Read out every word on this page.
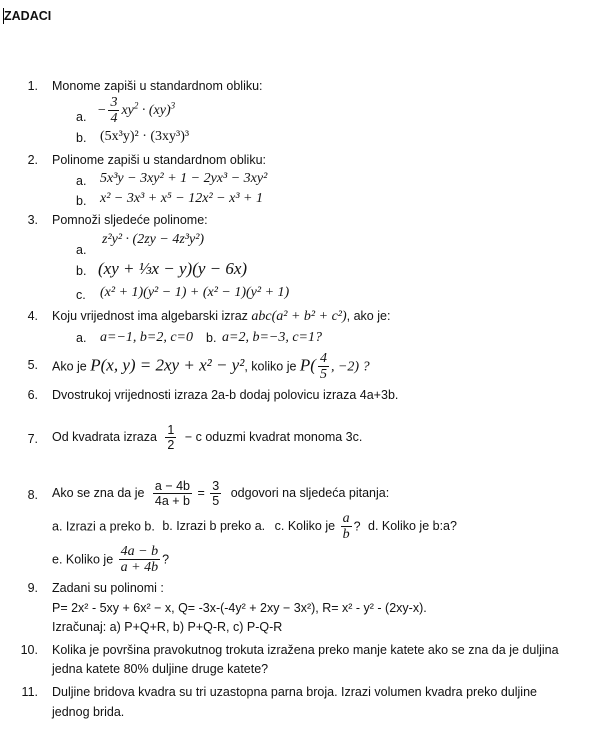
ZADACI
1. Monome zapiši u standardnom obliku:
a. − $\frac{3}{4} xy^2 \cdot (xy)^3$
b. (5x³y)² · (3xy³)³
2. Polinome zapiši u standardnom obliku:
a. 5x³y − 3xy² + 1 − 2yx³ − 3xy²
b. x² − 3x³ + x⁵ − 12x² − x³ + 1
3. Pomnoži sljedeće polinome:
a.
z²y² · (2zy − 4z³y²)
b. (xy + ⅓x − y)(y − 6x)
c. (x² + 1)(y² − 1) + (x² − 1)(y² + 1)
4. Koju vrijednost ima algebarski izraz abc(a² + b² + c²), ako je:
a. a=−1, b=2, c=0 b. a=2, b=−3, c=1?
5. Ako je P(x, y) = 2xy + x² − y², koliko je $P( \frac{4}{5}$ , −2) ?
6. Dvostrukoj vrijednosti izraza 2a-b dodaj polovicu izraza 4a+3b.
7. Od kvadrata izraza $\frac{1}{2} - c$ oduzmi kvadrat monoma 3c.
8. Ako se zna da je $\frac{a - 4b}{4a + b} = \frac{3}{5}$ odgovori na sljedeća pitanja:
a. Izrazi a preko b. b. Izrazi b preko a. c. Koliko je $\frac{a}{b}$ ? d. Koliko je b:a?
e. Koliko je $\frac{4a - b}{a + 4b}$ ?
9. Zadani su polinomi :
P= 2x² - 5xy + 6x² − x, Q= -3x-(-4y² + 2xy − 3x²), R= x² - y² - (2xy-x).
Izračunaj: a) P+Q+R, b) P+Q-R, c) P-Q-R
10. Kolika je površina pravokutnog trokuta izražena preko manje katete ako se zna da je duljina
jedna katete 80% duljine druge katete?
11. Duljine bridova kvadra su tri uzastopna parna broja. Izrazi volumen kvadra preko duljine
jednog brida.
